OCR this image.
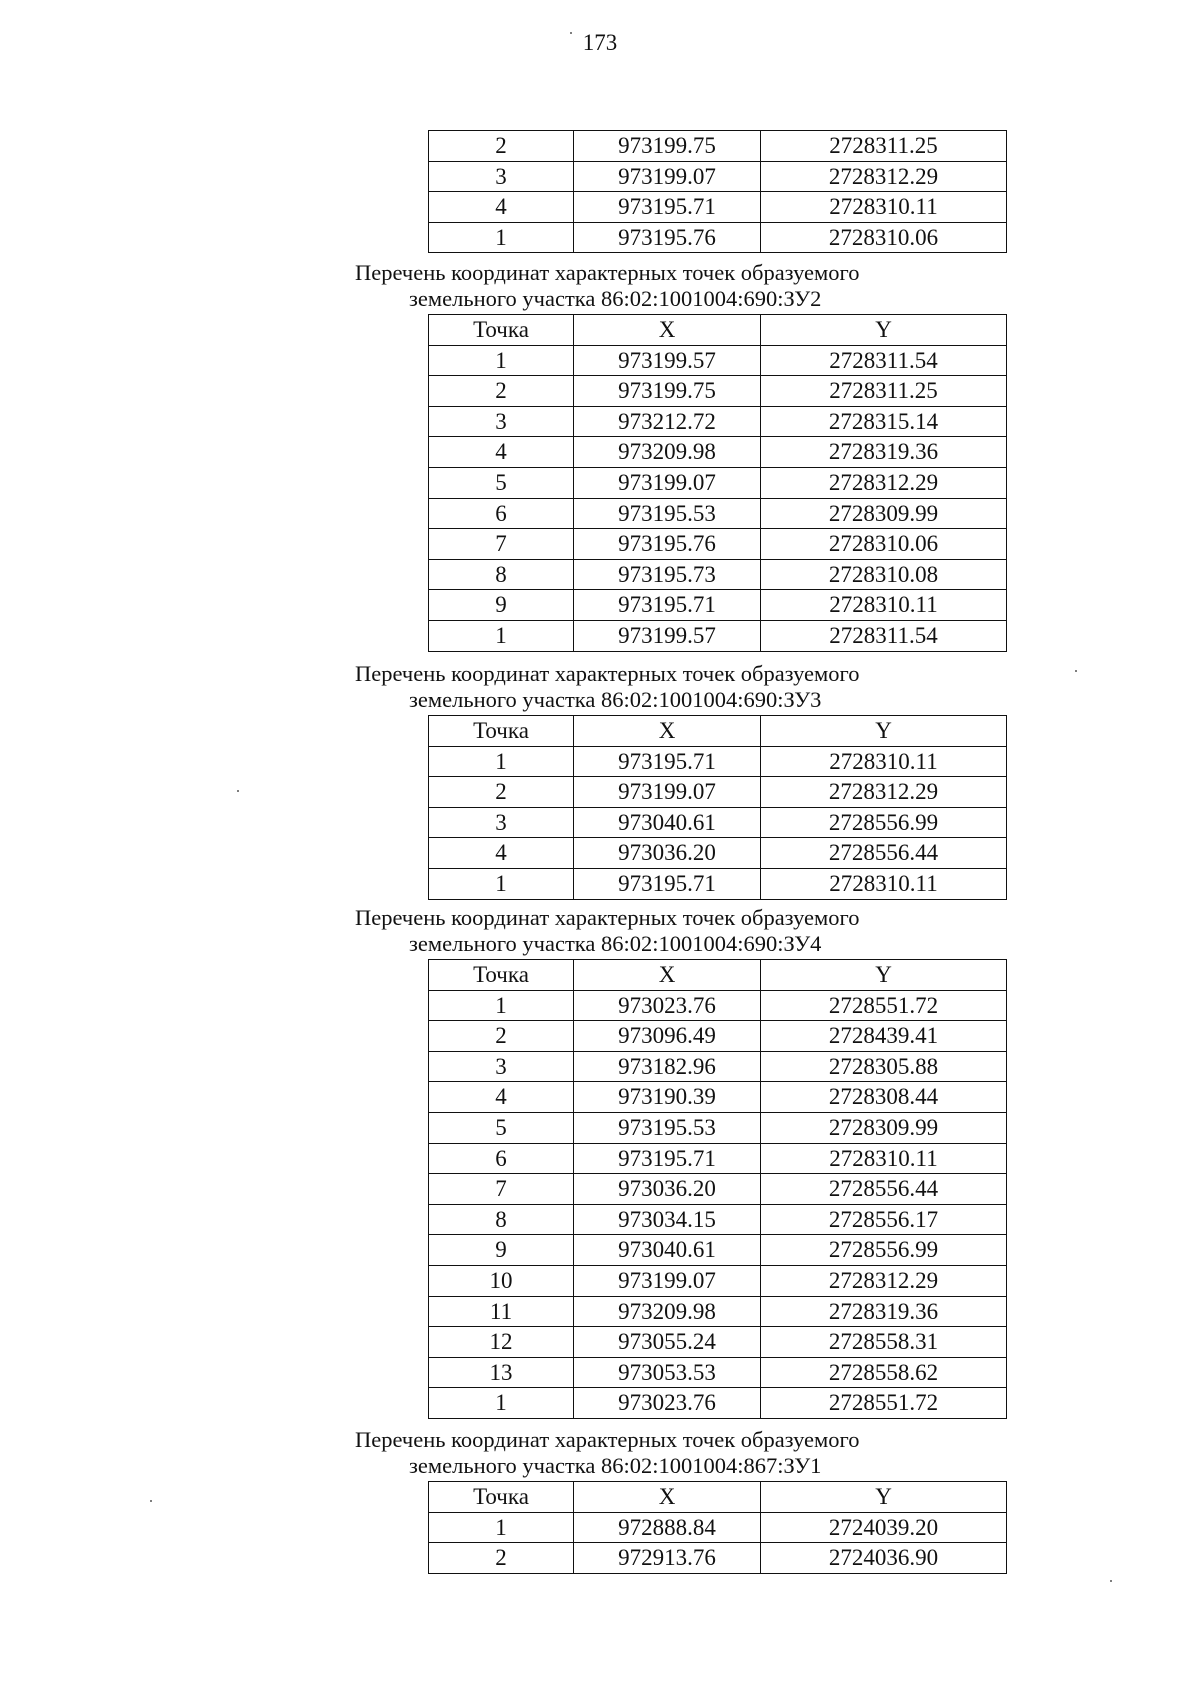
173
2	973199.75	2728311.25
3	973199.07	2728312.29
4	973195.71	2728310.11
1	973195.76	2728310.06
Перечень координат характерных точек образуемого
земельного участка 86:02:1001004:690:ЗУ2
Точка	X	Y
1	973199.57	2728311.54
2	973199.75	2728311.25
3	973212.72	2728315.14
4	973209.98	2728319.36
5	973199.07	2728312.29
6	973195.53	2728309.99
7	973195.76	2728310.06
8	973195.73	2728310.08
9	973195.71	2728310.11
1	973199.57	2728311.54
Перечень координат характерных точек образуемого
земельного участка 86:02:1001004:690:ЗУ3
Точка	X	Y
1	973195.71	2728310.11
2	973199.07	2728312.29
3	973040.61	2728556.99
4	973036.20	2728556.44
1	973195.71	2728310.11
Перечень координат характерных точек образуемого
земельного участка 86:02:1001004:690:ЗУ4
Точка	X	Y
1	973023.76	2728551.72
2	973096.49	2728439.41
3	973182.96	2728305.88
4	973190.39	2728308.44
5	973195.53	2728309.99
6	973195.71	2728310.11
7	973036.20	2728556.44
8	973034.15	2728556.17
9	973040.61	2728556.99
10	973199.07	2728312.29
11	973209.98	2728319.36
12	973055.24	2728558.31
13	973053.53	2728558.62
1	973023.76	2728551.72
Перечень координат характерных точек образуемого
земельного участка 86:02:1001004:867:ЗУ1
Точка	X	Y
1	972888.84	2724039.20
2	972913.76	2724036.90
